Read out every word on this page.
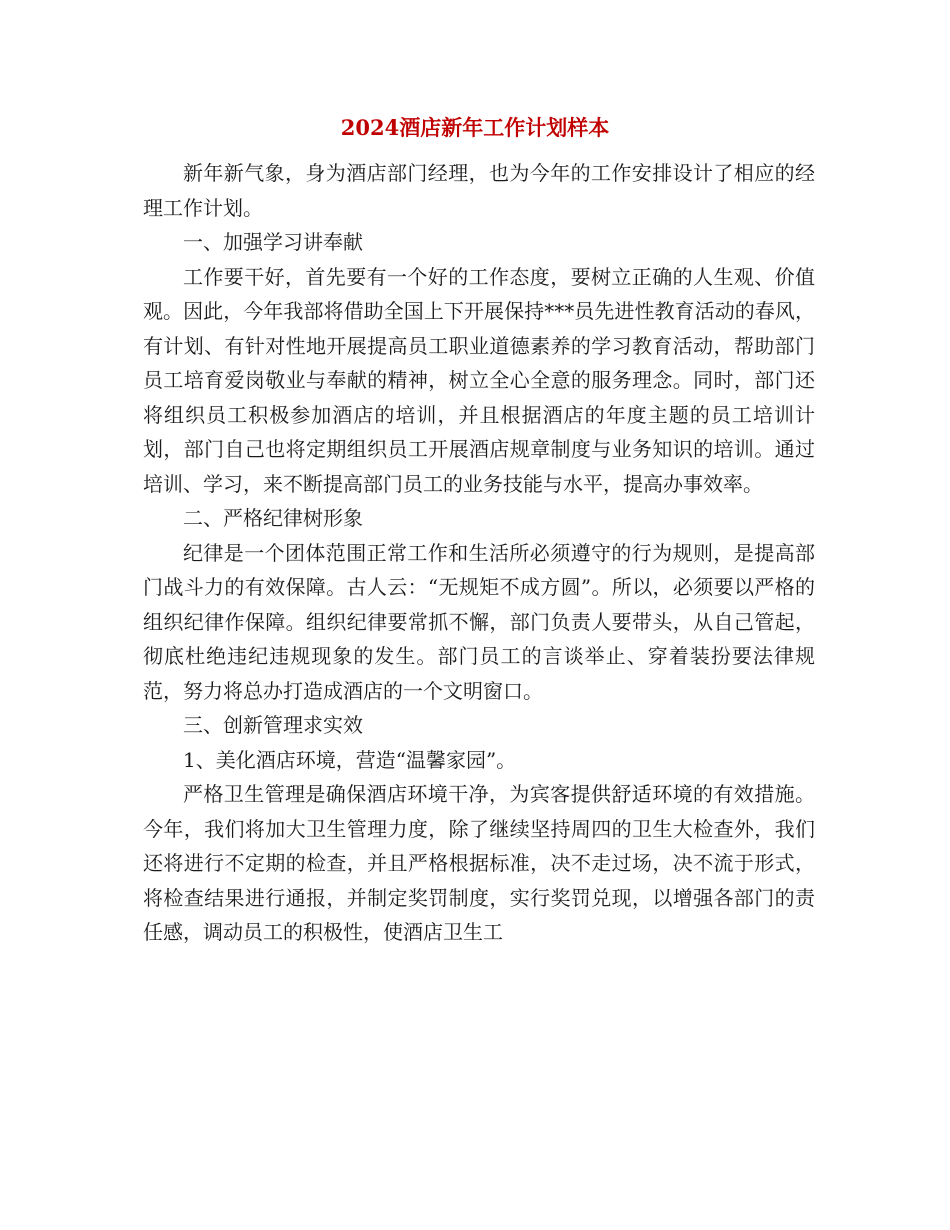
2024酒店新年工作计划样本

新年新气象，身为酒店部门经理，也为今年的工作安排设计了相应的经理工作计划。

一、加强学习讲奉献

工作要干好，首先要有一个好的工作态度，要树立正确的人生观、价值观。因此，今年我部将借助全国上下开展保持***员先进性教育活动的春风，有计划、有针对性地开展提高员工职业道德素养的学习教育活动，帮助部门员工培育爱岗敬业与奉献的精神，树立全心全意的服务理念。同时，部门还将组织员工积极参加酒店的培训，并且根据酒店的年度主题的员工培训计划，部门自己也将定期组织员工开展酒店规章制度与业务知识的培训。通过培训、学习，来不断提高部门员工的业务技能与水平，提高办事效率。

二、严格纪律树形象

纪律是一个团体范围正常工作和生活所必须遵守的行为规则，是提高部门战斗力的有效保障。古人云：“无规矩不成方圆”。所以，必须要以严格的组织纪律作保障。组织纪律要常抓不懈，部门负责人要带头，从自己管起，彻底杜绝违纪违规现象的发生。部门员工的言谈举止、穿着装扮要法律规范，努力将总办打造成酒店的一个文明窗口。

三、创新管理求实效

1、美化酒店环境，营造“温馨家园”。

严格卫生管理是确保酒店环境干净，为宾客提供舒适环境的有效措施。今年，我们将加大卫生管理力度，除了继续坚持周四的卫生大检查外，我们还将进行不定期的检查，并且严格根据标准，决不走过场，决不流于形式，将检查结果进行通报，并制定奖罚制度，实行奖罚兑现，以增强各部门的责任感，调动员工的积极性，使酒店卫生工
